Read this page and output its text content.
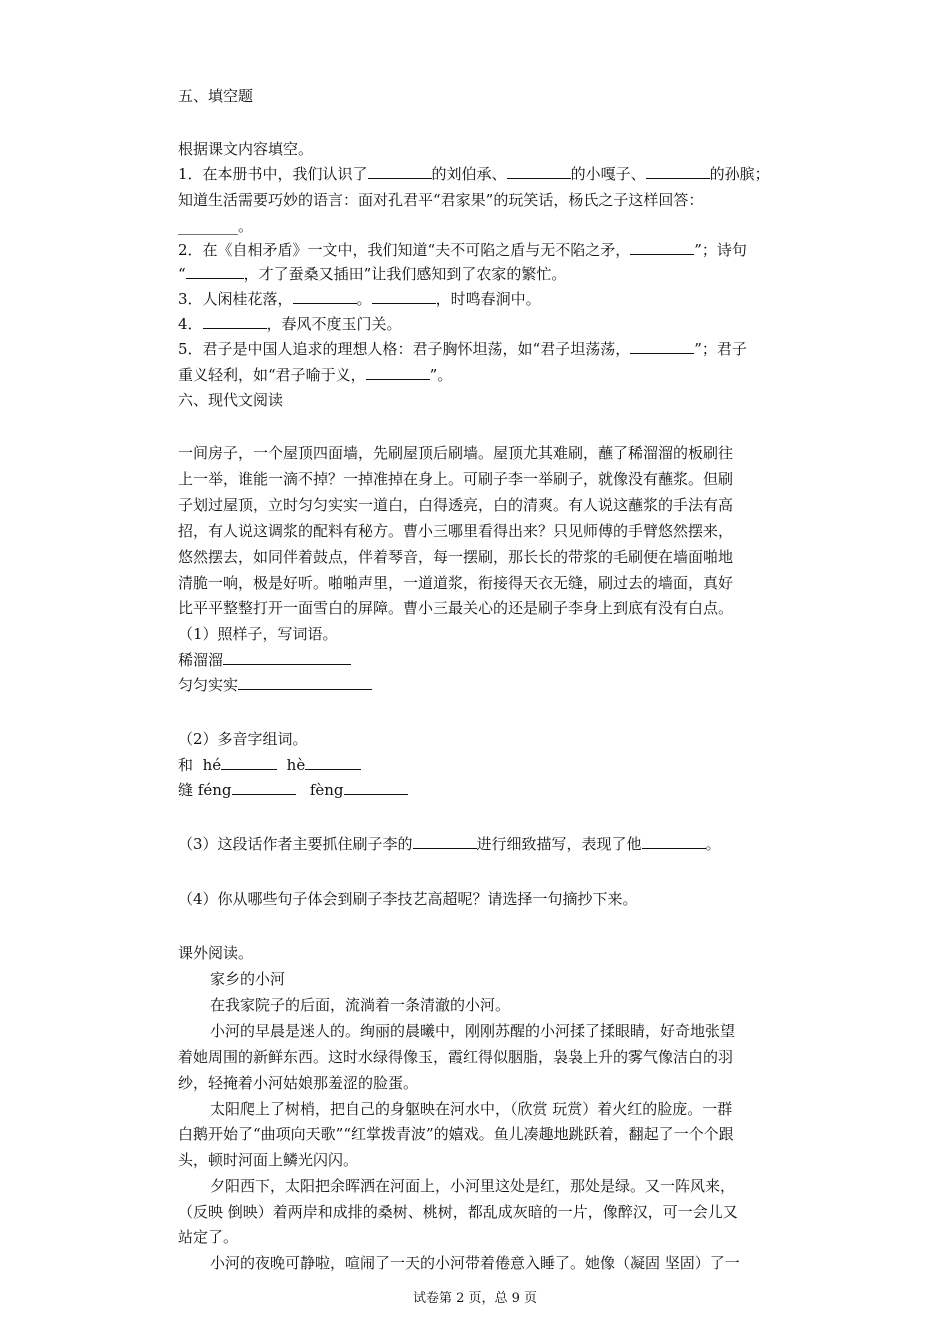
五、填空题
根据课文内容填空。
1．在本册书中，我们认识了	的刘伯承、	的小嘎子、	的孙膑；
知道生活需要巧妙的语言：面对孔君平“君家果”的玩笑话，杨氏之子这样回答：
________。
2．在《自相矛盾》一文中，我们知道“夫不可陷之盾与无不陷之矛，	”；诗句
“	，才了蚕桑又插田”让我们感知到了农家的繁忙。
3．人闲桂花落，	。	，时鸣春涧中。
4．	，春风不度玉门关。
5．君子是中国人追求的理想人格：君子胸怀坦荡，如“君子坦荡荡，	”；君子
重义轻利，如“君子喻于义，	”。
六、现代文阅读
一间房子，一个屋顶四面墙，先刷屋顶后刷墙。屋顶尤其难刷，蘸了稀溜溜的板刷往
上一举，谁能一滴不掉？一掉准掉在身上。可刷子李一举刷子，就像没有蘸浆。但刷
子划过屋顶，立时匀匀实实一道白，白得透亮，白的清爽。有人说这蘸浆的手法有高
招，有人说这调浆的配料有秘方。曹小三哪里看得出来？只见师傅的手臂悠然摆来，
悠然摆去，如同伴着鼓点，伴着琴音，每一摆刷，那长长的带浆的毛刷便在墙面啪地
清脆一响，极是好听。啪啪声里，一道道浆，衔接得天衣无缝，刷过去的墙面，真好
比平平整整打开一面雪白的屏障。曹小三最关心的还是刷子李身上到底有没有白点。
（1）照样子，写词语。
稀溜溜
匀匀实实
（2）多音字组词。
和 hé	hè
缝 féng	fèng
（3）这段话作者主要抓住刷子李的	进行细致描写，表现了他	。
（4）你从哪些句子体会到刷子李技艺高超呢？请选择一句摘抄下来。
课外阅读。
家乡的小河
在我家院子的后面，流淌着一条清澈的小河。
小河的早晨是迷人的。绚丽的晨曦中，刚刚苏醒的小河揉了揉眼睛，好奇地张望
着她周围的新鲜东西。这时水绿得像玉，霞红得似胭脂，袅袅上升的雾气像洁白的羽
纱，轻掩着小河姑娘那羞涩的脸蛋。
太阳爬上了树梢，把自己的身躯映在河水中，（欣赏 玩赏）着火红的脸庞。一群
白鹅开始了“曲项向天歌”“红掌拨青波”的嬉戏。鱼儿凑趣地跳跃着，翻起了一个个跟
头，顿时河面上鳞光闪闪。
夕阳西下，太阳把余晖洒在河面上，小河里这处是红，那处是绿。又一阵风来，
（反映 倒映）着两岸和成排的桑树、桃树，都乱成灰暗的一片，像醉汉，可一会儿又
站定了。
小河的夜晚可静啦，喧闹了一天的小河带着倦意入睡了。她像（凝固 坚固）了一
试卷第 2 页，总 9 页
